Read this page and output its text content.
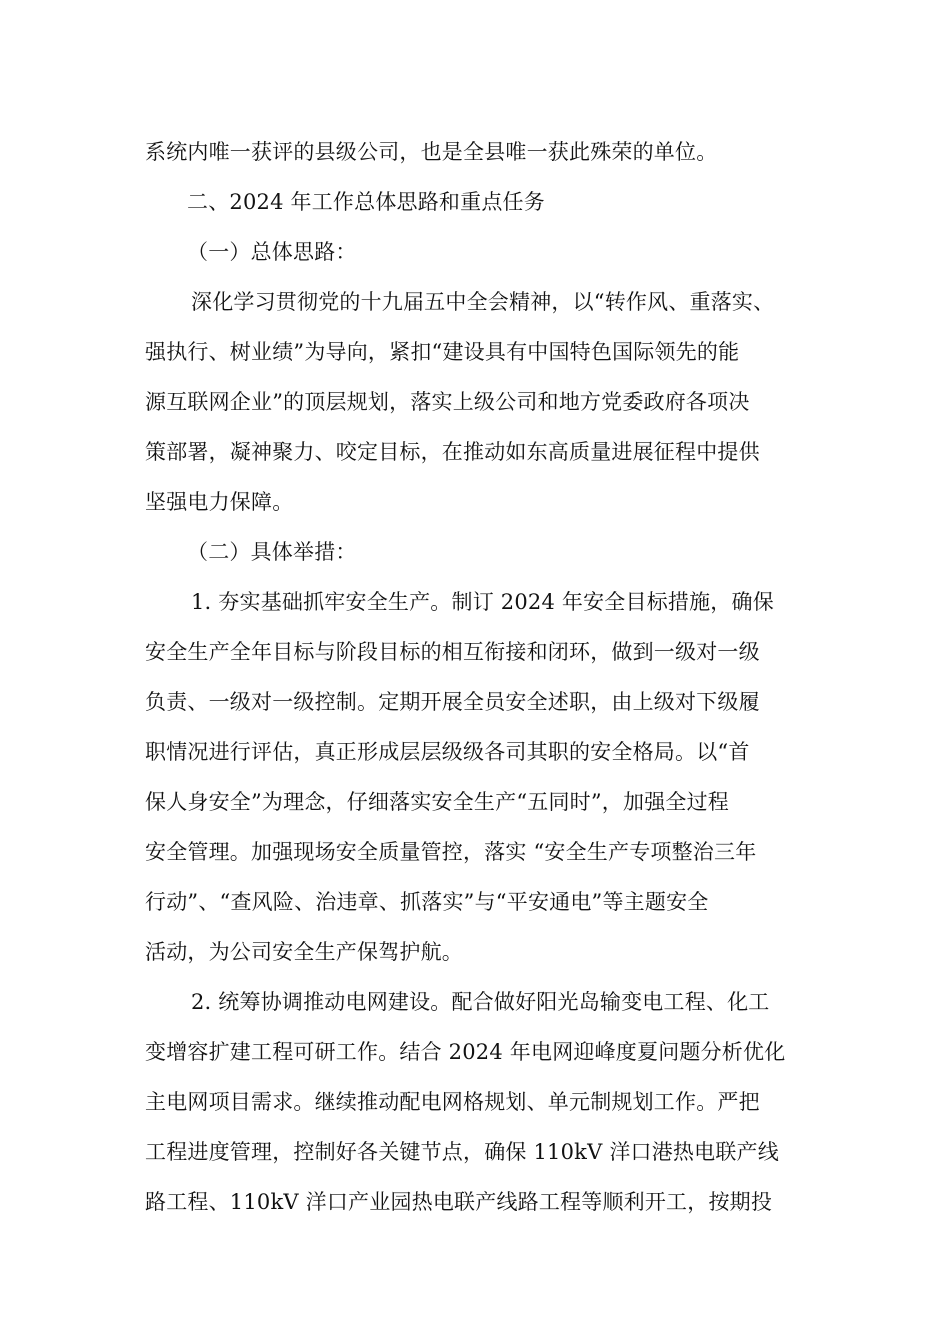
系统内唯一获评的县级公司，也是全县唯一获此殊荣的单位。
二、2024 年工作总体思路和重点任务
（一）总体思路：
深化学习贯彻党的十九届五中全会精神，以“转作风、重落实、
强执行、树业绩”为导向，紧扣“建设具有中国特色国际领先的能
源互联网企业”的顶层规划，落实上级公司和地方党委政府各项决
策部署，凝神聚力、咬定目标，在推动如东高质量进展征程中提供
坚强电力保障。
（二）具体举措：
1. 夯实基础抓牢安全生产。制订 2024 年安全目标措施，确保
安全生产全年目标与阶段目标的相互衔接和闭环，做到一级对一级
负责、一级对一级控制。定期开展全员安全述职，由上级对下级履
职情况进行评估，真正形成层层级级各司其职的安全格局。以“首
保人身安全”为理念，仔细落实安全生产“五同时”，加强全过程
安全管理。加强现场安全质量管控，落实 “安全生产专项整治三年
行动”、“查风险、治违章、抓落实”与“平安通电”等主题安全
活动，为公司安全生产保驾护航。
2. 统筹协调推动电网建设。配合做好阳光岛输变电工程、化工
变增容扩建工程可研工作。结合 2024 年电网迎峰度夏问题分析优化
主电网项目需求。继续推动配电网格规划、单元制规划工作。严把
工程进度管理，控制好各关键节点，确保 110kV 洋口港热电联产线
路工程、110kV 洋口产业园热电联产线路工程等顺利开工，按期投
